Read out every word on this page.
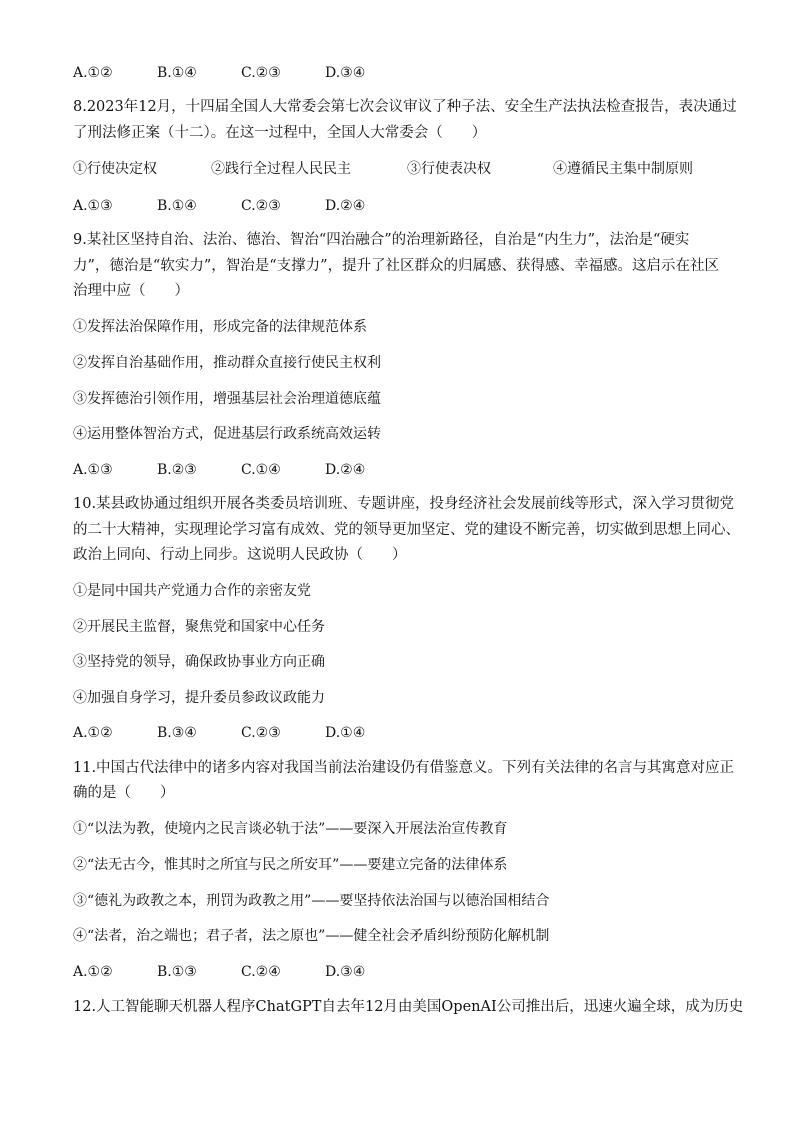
A.①②	B.①④	C.②③	D.③④
8.2023年12月，十四届全国人大常委会第七次会议审议了种子法、安全生产法执法检查报告，表决通过
了刑法修正案（十二）。在这一过程中，全国人大常委会（　　）
①行使决定权	②践行全过程人民民主	③行使表决权	④遵循民主集中制原则
A.①③	B.①④	C.②③	D.②④
9.某社区坚持自治、法治、德治、智治“四治融合”的治理新路径，自治是“内生力”，法治是“硬实
力”，德治是“软实力”，智治是“支撑力”，提升了社区群众的归属感、获得感、幸福感。这启示在社区
治理中应（　　）
①发挥法治保障作用，形成完备的法律规范体系
②发挥自治基础作用，推动群众直接行使民主权利
③发挥德治引领作用，增强基层社会治理道德底蕴
④运用整体智治方式，促进基层行政系统高效运转
A.①③	B.②③	C.①④	D.②④
10.某县政协通过组织开展各类委员培训班、专题讲座，投身经济社会发展前线等形式，深入学习贯彻党
的二十大精神，实现理论学习富有成效、党的领导更加坚定、党的建设不断完善，切实做到思想上同心、
政治上同向、行动上同步。这说明人民政协（　　）
①是同中国共产党通力合作的亲密友党
②开展民主监督，聚焦党和国家中心任务
③坚持党的领导，确保政协事业方向正确
④加强自身学习，提升委员参政议政能力
A.①②	B.③④	C.②③	D.①④
11.中国古代法律中的诸多内容对我国当前法治建设仍有借鉴意义。下列有关法律的名言与其寓意对应正
确的是（　　）
①“以法为教，使境内之民言谈必轨于法”——要深入开展法治宣传教育
②“法无古今，惟其时之所宜与民之所安耳”——要建立完备的法律体系
③“德礼为政教之本，刑罚为政教之用”——要坚持依法治国与以德治国相结合
④“法者，治之端也；君子者，法之原也”——健全社会矛盾纠纷预防化解机制
A.①②	B.①③	C.②④	D.③④
12.人工智能聊天机器人程序ChatGPT自去年12月由美国OpenAI公司推出后，迅速火遍全球，成为历史
